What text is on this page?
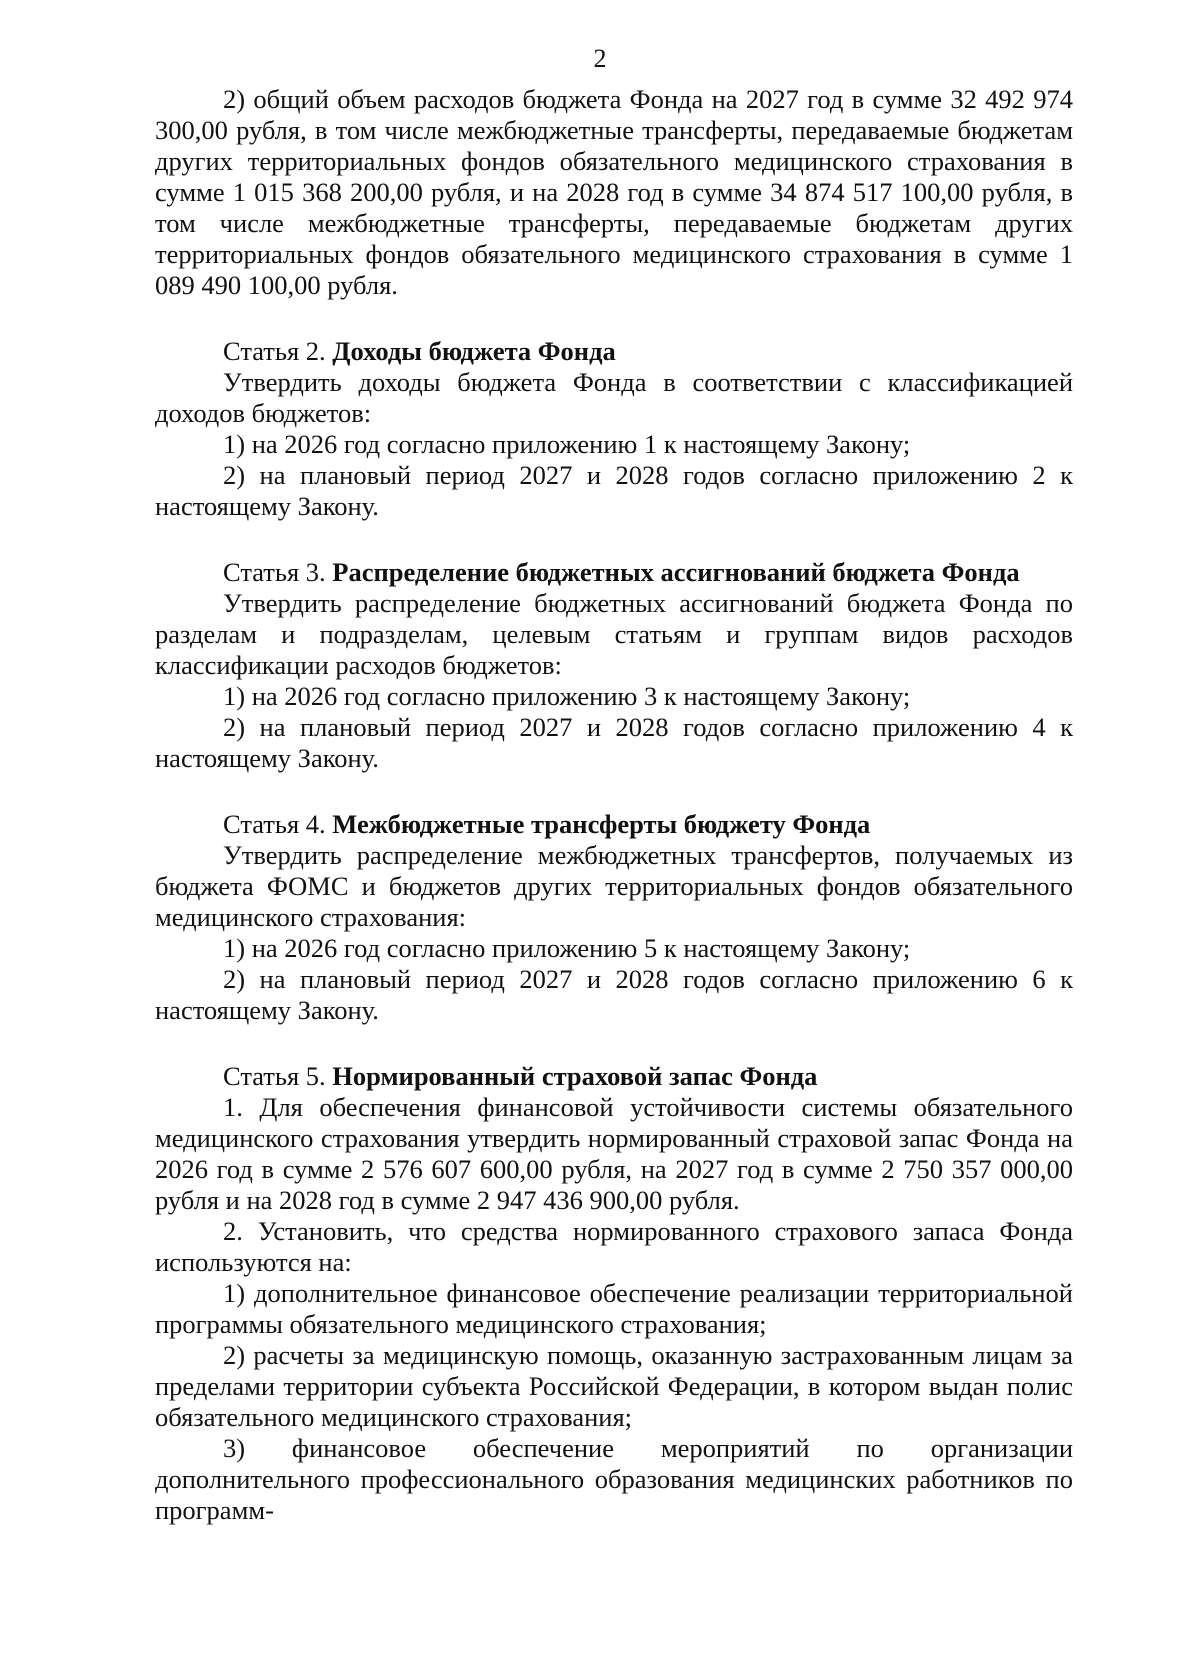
2

2) общий объем расходов бюджета Фонда на 2027 год в сумме 32 492 974 300,00 рубля, в том числе межбюджетные трансферты, передаваемые бюджетам других территориальных фондов обязательного медицинского страхования в сумме 1 015 368 200,00 рубля, и на 2028 год в сумме 34 874 517 100,00 рубля, в том числе межбюджетные трансферты, передаваемые бюджетам других территориальных фондов обязательного медицинского страхования в сумме 1 089 490 100,00 рубля.

Статья 2. Доходы бюджета Фонда

Утвердить доходы бюджета Фонда в соответствии с классификацией доходов бюджетов:

1) на 2026 год согласно приложению 1 к настоящему Закону;

2) на плановый период 2027 и 2028 годов согласно приложению 2 к настоящему Закону.

Статья 3. Распределение бюджетных ассигнований бюджета Фонда

Утвердить распределение бюджетных ассигнований бюджета Фонда по разделам и подразделам, целевым статьям и группам видов расходов классификации расходов бюджетов:

1) на 2026 год согласно приложению 3 к настоящему Закону;

2) на плановый период 2027 и 2028 годов согласно приложению 4 к настоящему Закону.

Статья 4. Межбюджетные трансферты бюджету Фонда

Утвердить распределение межбюджетных трансфертов, получаемых из бюджета ФОМС и бюджетов других территориальных фондов обязательного медицинского страхования:

1) на 2026 год согласно приложению 5 к настоящему Закону;

2) на плановый период 2027 и 2028 годов согласно приложению 6 к настоящему Закону.

Статья 5. Нормированный страховой запас Фонда

1. Для обеспечения финансовой устойчивости системы обязательного медицинского страхования утвердить нормированный страховой запас Фонда на 2026 год в сумме 2 576 607 600,00 рубля, на 2027 год в сумме 2 750 357 000,00 рубля и на 2028 год в сумме 2 947 436 900,00 рубля.

2. Установить, что средства нормированного страхового запаса Фонда используются на:

1) дополнительное финансовое обеспечение реализации территориальной программы обязательного медицинского страхования;

2) расчеты за медицинскую помощь, оказанную застрахованным лицам за пределами территории субъекта Российской Федерации, в котором выдан полис обязательного медицинского страхования;

3) финансовое обеспечение мероприятий по организации дополнительного профессионального образования медицинских работников по программ-
